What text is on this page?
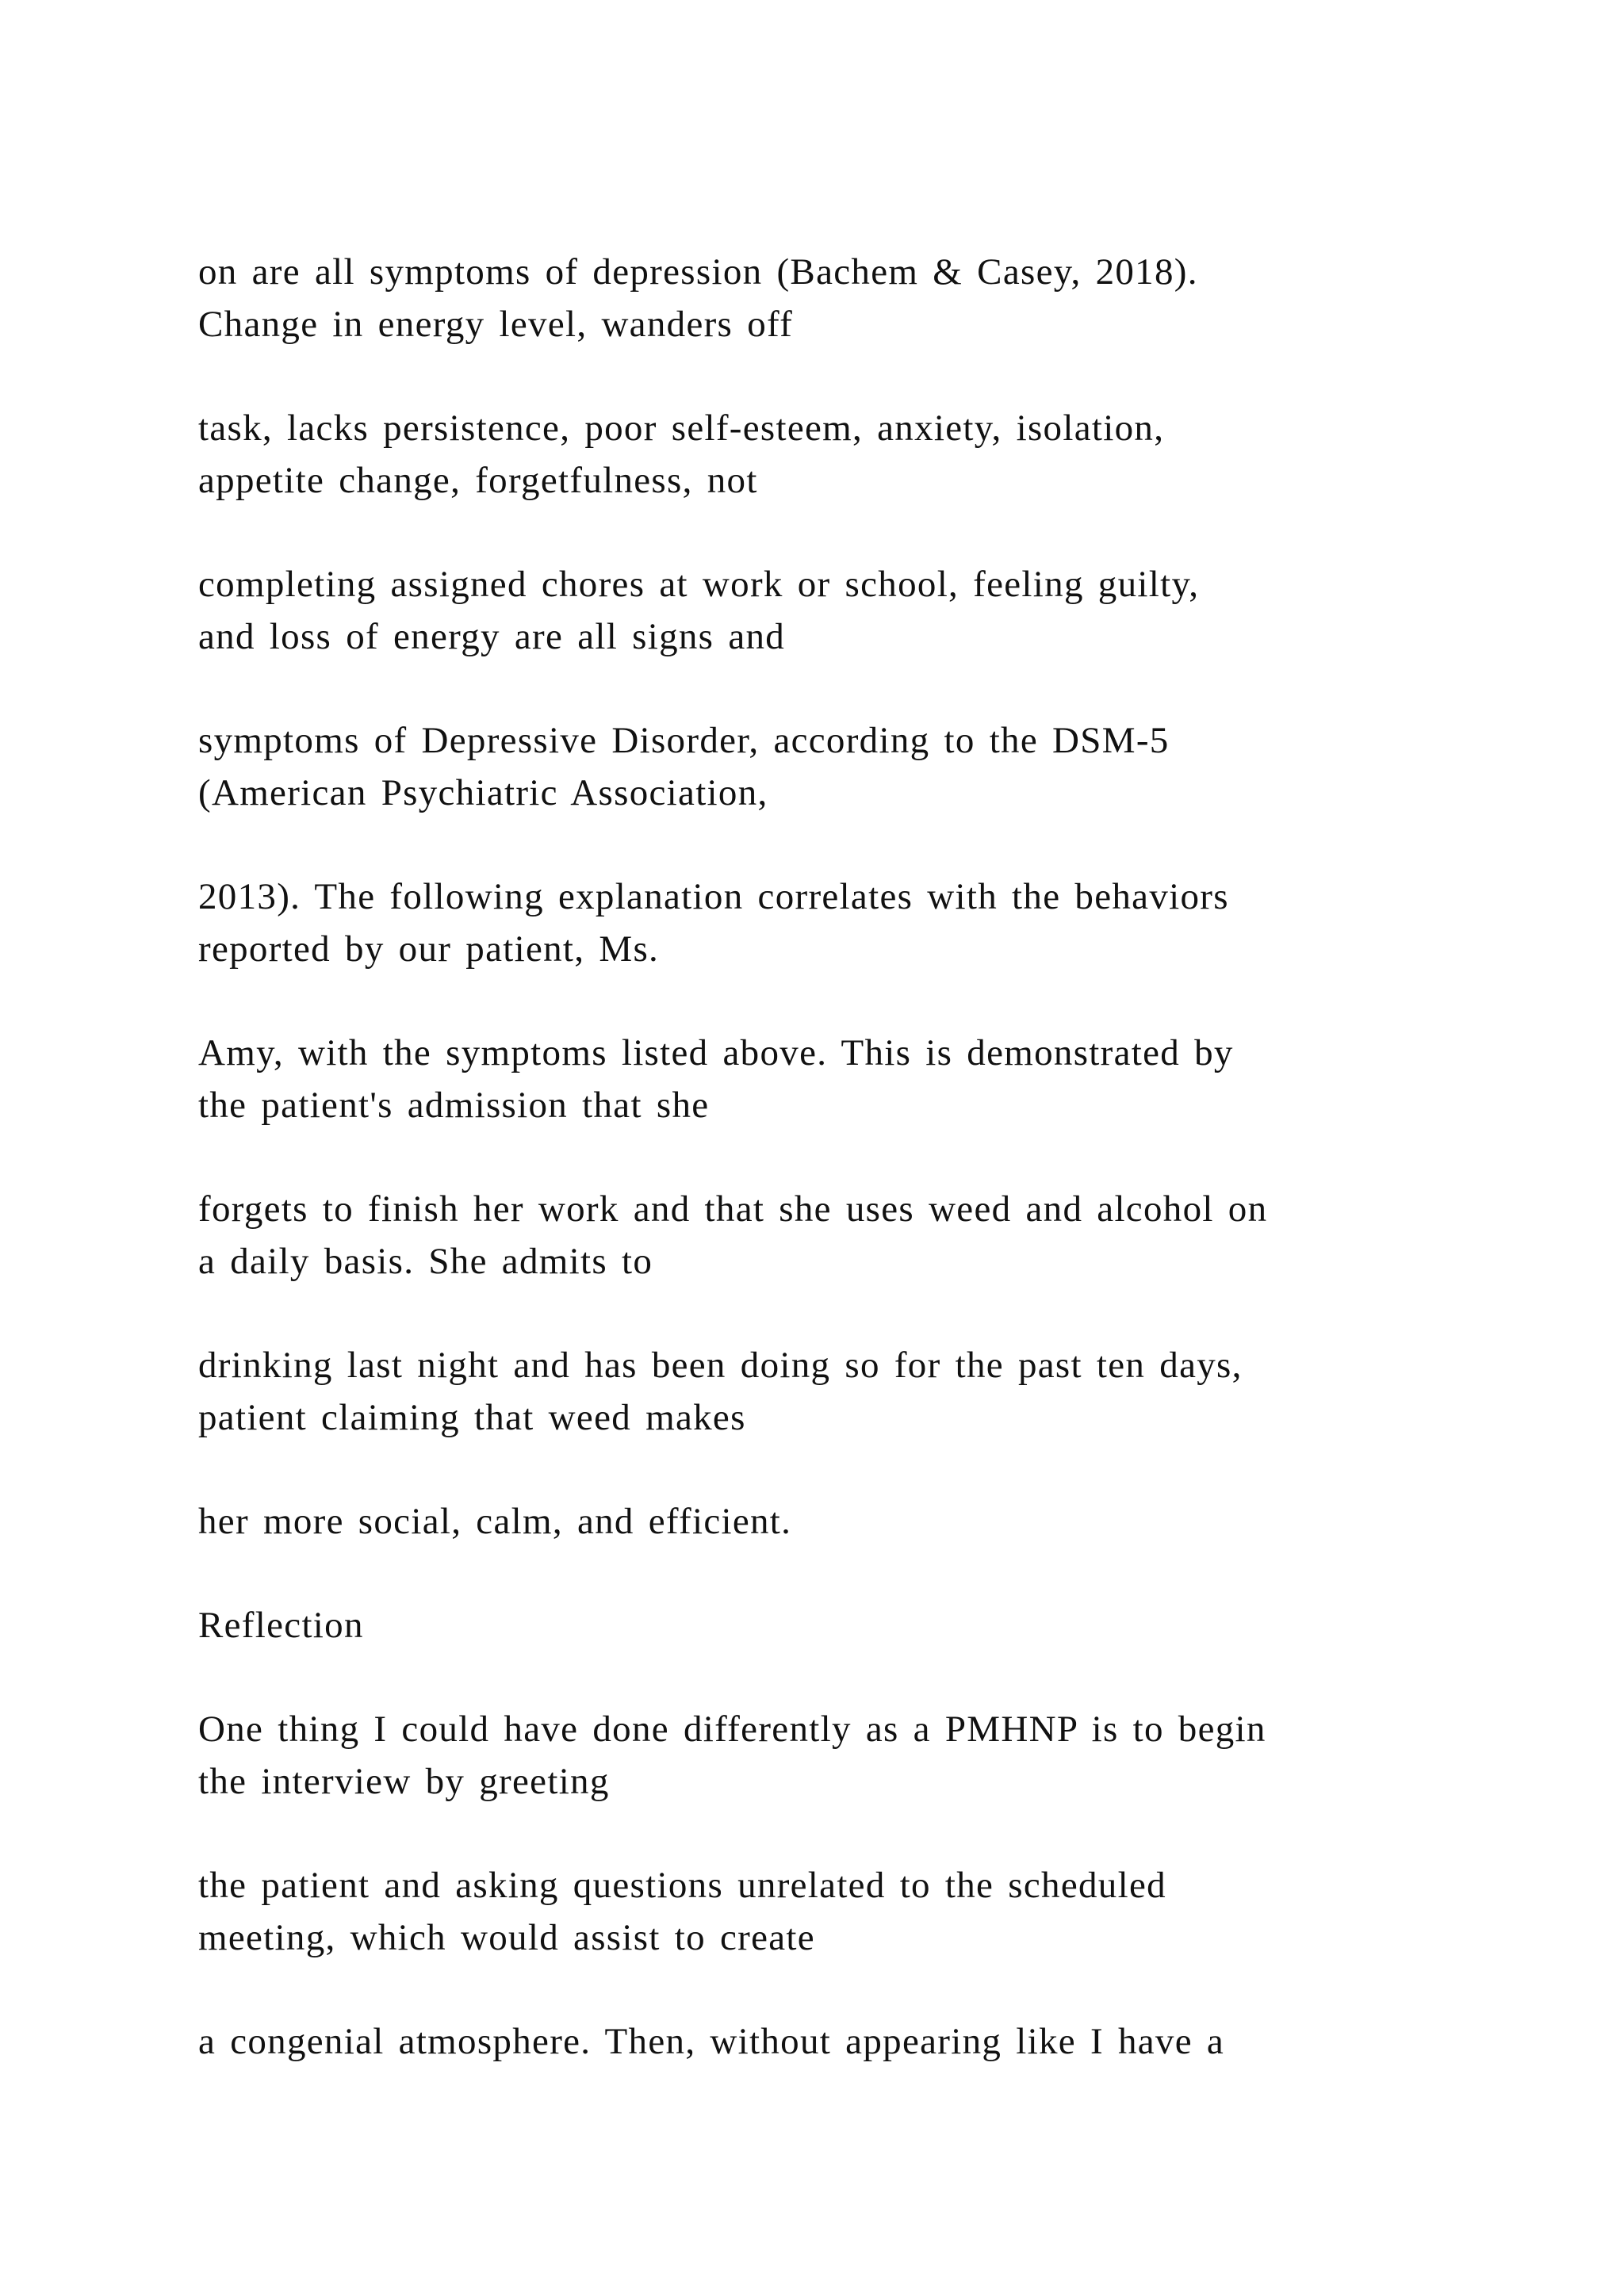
on are all symptoms of depression (Bachem & Casey, 2018).
Change in energy level, wanders off

task, lacks persistence, poor self-esteem, anxiety, isolation,
appetite change, forgetfulness, not

completing assigned chores at work or school, feeling guilty,
and loss of energy are all signs and

symptoms of Depressive Disorder, according to the DSM-5
(American Psychiatric Association,

2013). The following explanation correlates with the behaviors
reported by our patient, Ms.

Amy, with the symptoms listed above. This is demonstrated by
the patient's admission that she

forgets to finish her work and that she uses weed and alcohol on
a daily basis. She admits to

drinking last night and has been doing so for the past ten days,
patient claiming that weed makes

her more social, calm, and efficient.

Reflection

One thing I could have done differently as a PMHNP is to begin
the interview by greeting

the patient and asking questions unrelated to the scheduled
meeting, which would assist to create

a congenial atmosphere. Then, without appearing like I have a
